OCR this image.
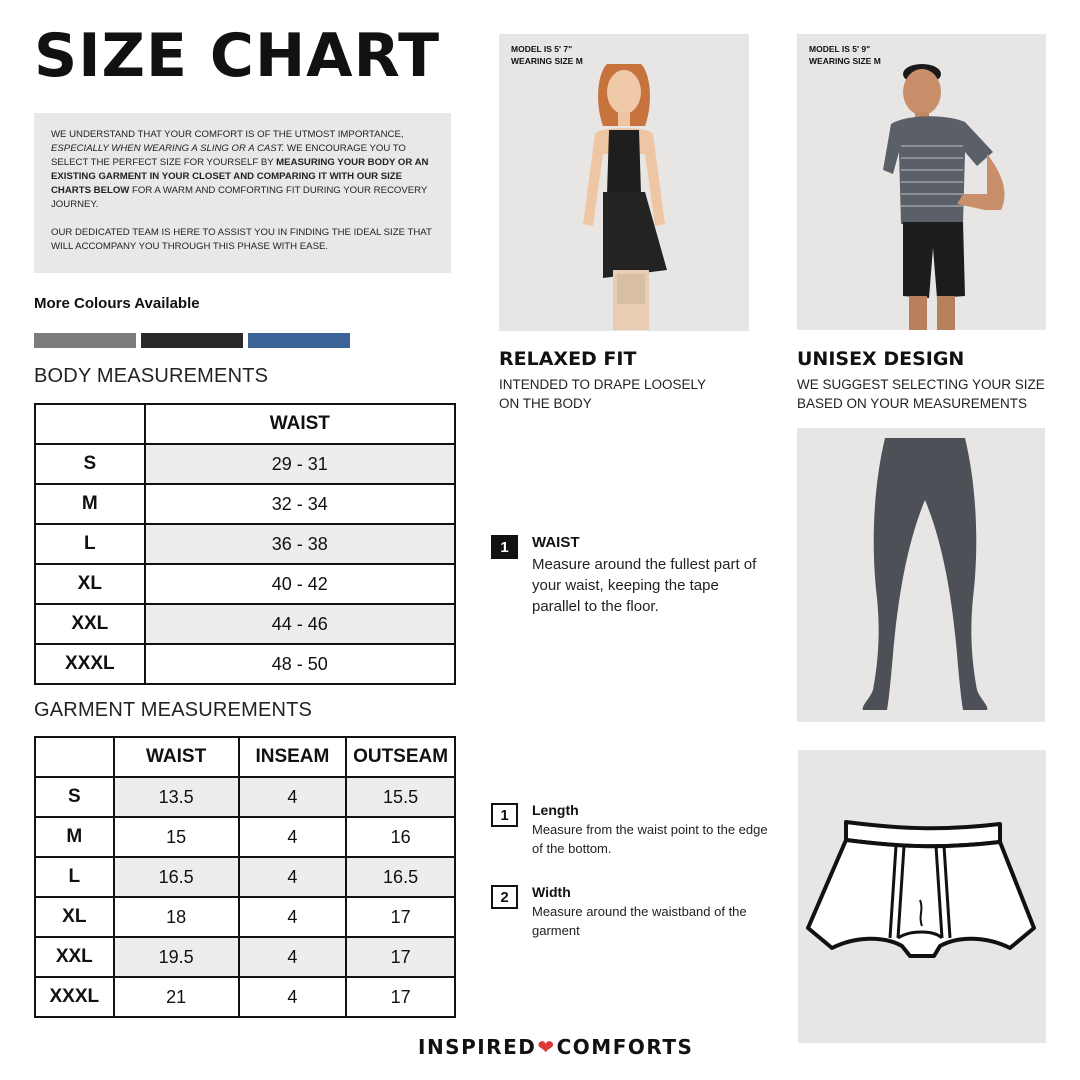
SIZE CHART

WE UNDERSTAND THAT YOUR COMFORT IS OF THE UTMOST IMPORTANCE, ESPECIALLY WHEN WEARING A SLING OR A CAST. WE ENCOURAGE YOU TO SELECT THE PERFECT SIZE FOR YOURSELF BY MEASURING YOUR BODY OR AN EXISTING GARMENT IN YOUR CLOSET AND COMPARING IT WITH OUR SIZE CHARTS BELOW FOR A WARM AND COMFORTING FIT DURING YOUR RECOVERY JOURNEY.

OUR DEDICATED TEAM IS HERE TO ASSIST YOU IN FINDING THE IDEAL SIZE THAT WILL ACCOMPANY YOU THROUGH THIS PHASE WITH EASE.

More Colours Available
BODY MEASUREMENTS
	WAIST
S	29 - 31
M	32 - 34
L	36 - 38
XL	40 - 42
XXL	44 - 46
XXXL	48 - 50
GARMENT MEASUREMENTS
	WAIST	INSEAM	OUTSEAM
S	13.5	4	15.5
M	15	4	16
L	16.5	4	16.5
XL	18	4	17
XXL	19.5	4	17
XXXL	21	4	17
MODEL IS 5' 7"
WEARING SIZE M
MODEL IS 5' 9"
WEARING SIZE M
RELAXED FIT
INTENDED TO DRAPE LOOSELY
ON THE BODY
UNISEX DESIGN
WE SUGGEST SELECTING YOUR SIZE
BASED ON YOUR MEASUREMENTS
1	WAIST
Measure around the fullest part of your waist, keeping the tape parallel to the floor.
1	Length
Measure from the waist point to the edge of the bottom.
2	Width
Measure around the waistband of the garment
INSPIRED ❤ COMFORTS
